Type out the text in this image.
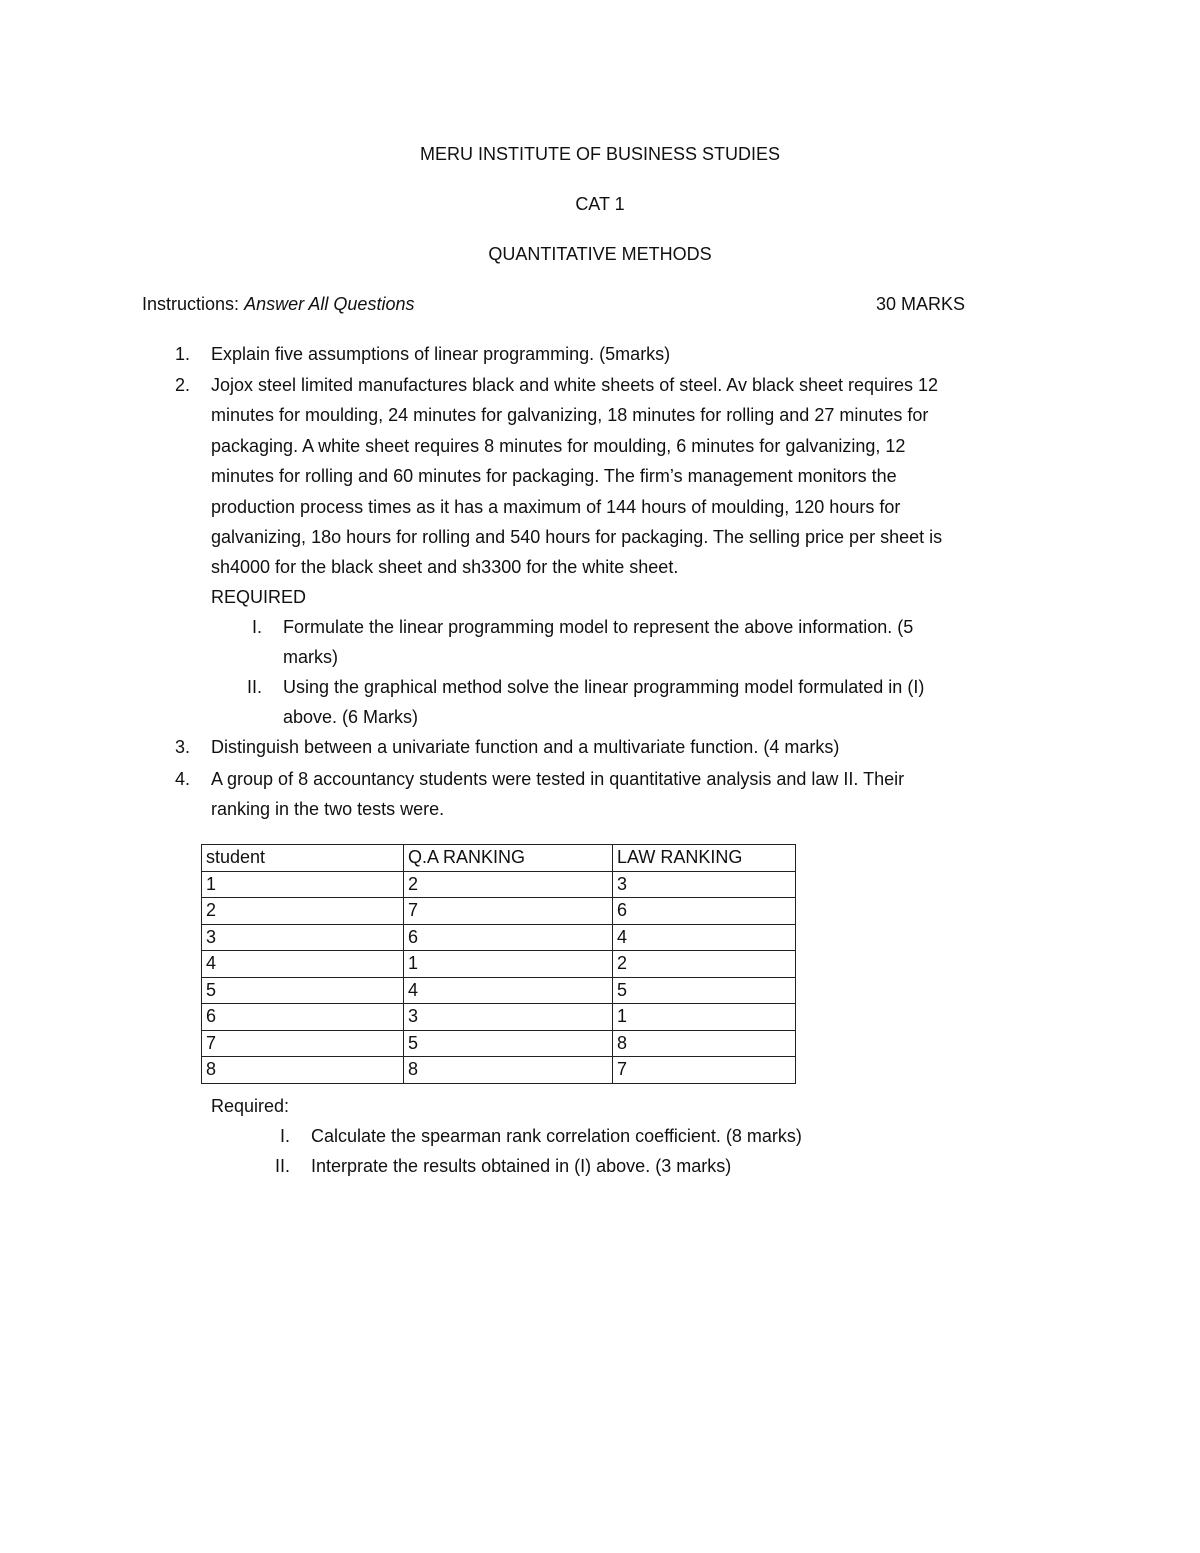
MERU INSTITUTE OF BUSINESS STUDIES
CAT 1
QUANTITATIVE METHODS
Instructions: Answer All Questions	30 MARKS
1. Explain five assumptions of linear programming. (5marks)
2. Jojox steel limited manufactures black and white sheets of steel. Av black sheet requires 12
minutes for moulding, 24 minutes for galvanizing, 18 minutes for rolling and 27 minutes for
packaging. A white sheet requires 8 minutes for moulding, 6 minutes for galvanizing, 12
minutes for rolling and 60 minutes for packaging. The firm’s management monitors the
production process times as it has a maximum of 144 hours of moulding, 120 hours for
galvanizing, 18o hours for rolling and 540 hours for packaging. The selling price per sheet is
sh4000 for the black sheet and sh3300 for the white sheet.
REQUIRED
I. Formulate the linear programming model to represent the above information. (5
marks)
II. Using the graphical method solve the linear programming model formulated in (I)
above. (6 Marks)
3. Distinguish between a univariate function and a multivariate function. (4 marks)
4. A group of 8 accountancy students were tested in quantitative analysis and law II. Their
ranking in the two tests were.
student	Q.A RANKING	LAW RANKING
1	2	3
2	7	6
3	6	4
4	1	2
5	4	5
6	3	1
7	5	8
8	8	7
Required:
I. Calculate the spearman rank correlation coefficient. (8 marks)
II. Interprate the results obtained in (I) above. (3 marks)
